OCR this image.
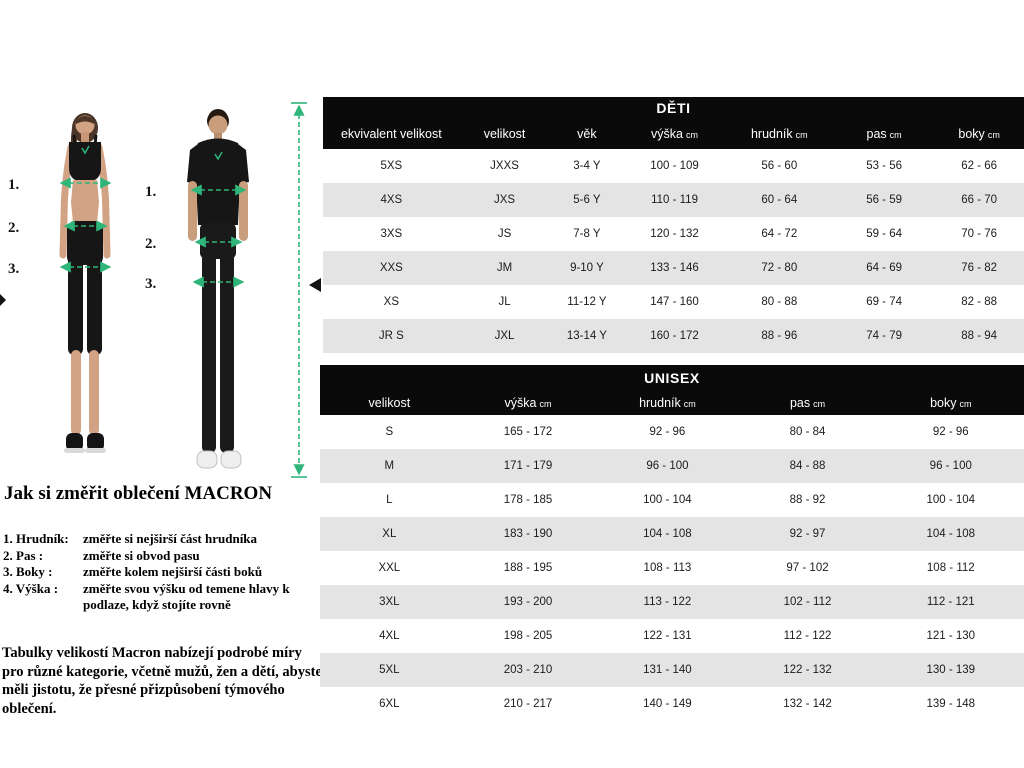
1.
2.
3.
1.
2.
3.
Jak si změřit oblečení MACRON
1. Hrudník:	změřte si nejširší část hrudníka
2. Pas :	změřte si obvod pasu
3. Boky :	změřte kolem nejširší části boků
4. Výška :	změřte svou výšku od temene hlavy k podlaze, když stojíte rovně
Tabulky velikostí Macron nabízejí podrobé míry pro různé kategorie, včetně mužů, žen a dětí, abyste měli jistotu, že přesné přizpůsobení týmového oblečení.
DĚTI
ekvivalent velikost	velikost	věk	výška cm	hrudník cm	pas cm	boky cm
5XS	JXXS	3-4 Y	100 - 109	56 - 60	53 - 56	62 - 66
4XS	JXS	5-6 Y	110 - 119	60 - 64	56 - 59	66 - 70
3XS	JS	7-8 Y	120 - 132	64 - 72	59 - 64	70 - 76
XXS	JM	9-10 Y	133 - 146	72 - 80	64 - 69	76 - 82
XS	JL	11-12 Y	147 - 160	80 - 88	69 - 74	82 - 88
JR S	JXL	13-14 Y	160 - 172	88 - 96	74 - 79	88 - 94
UNISEX
velikost	výška cm	hrudník cm	pas cm	boky cm
S	165 - 172	92 - 96	80 - 84	92 - 96
M	171 - 179	96 - 100	84 - 88	96 - 100
L	178 - 185	100 - 104	88 - 92	100 - 104
XL	183 - 190	104 - 108	92 - 97	104 - 108
XXL	188 - 195	108 - 113	97 - 102	108 - 112
3XL	193 - 200	113 - 122	102 - 112	112 - 121
4XL	198 - 205	122 - 131	112 - 122	121 - 130
5XL	203 - 210	131 - 140	122 - 132	130 - 139
6XL	210 - 217	140 - 149	132 - 142	139 - 148
